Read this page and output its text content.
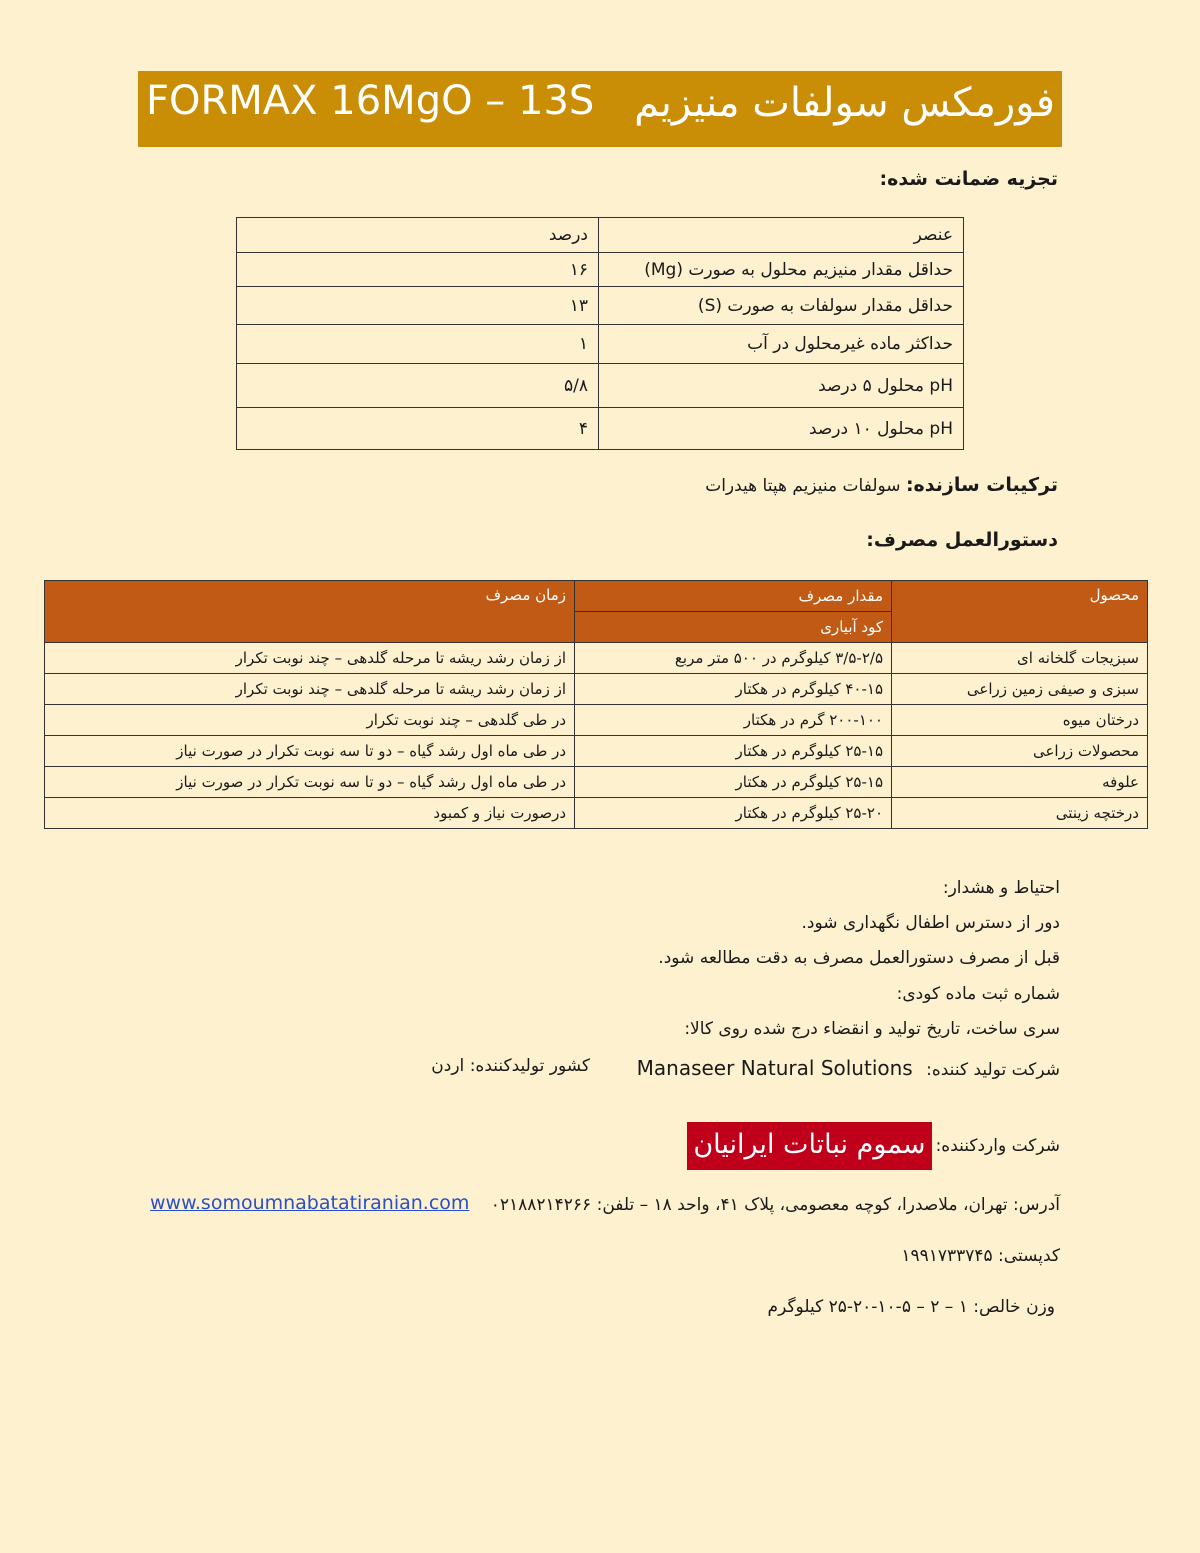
FORMAX 16MgO – 13S فورمکس سولفات منیزیم
تجزیه ضمانت شده:
عنصر	درصد
حداقل مقدار منیزیم محلول به صورت (Mg)	۱۶
حداقل مقدار سولفات به صورت (S)	۱۳
حداکثر ماده غیرمحلول در آب	۱
pH محلول ۵ درصد	۵/۸
pH محلول ۱۰ درصد	۴
ترکیبات سازنده: سولفات منیزیم هپتا هیدرات
دستورالعمل مصرف:
محصول	مقدار مصرف	زمان مصرف
	کود آبیاری	
سبزیجات گلخانه ای	۳/۵-۲/۵ کیلوگرم در ۵۰۰ متر مربع	از زمان رشد ریشه تا مرحله گلدهی – چند نوبت تکرار
سبزی و صیفی زمین زراعی	۴۰-۱۵ کیلوگرم در هکتار	از زمان رشد ریشه تا مرحله گلدهی – چند نوبت تکرار
درختان میوه	۲۰۰-۱۰۰ گرم در هکتار	در طی گلدهی – چند نوبت تکرار
محصولات زراعی	۲۵-۱۵ کیلوگرم در هکتار	در طی ماه اول رشد گیاه – دو تا سه نوبت تکرار در صورت نیاز
علوفه	۲۵-۱۵ کیلوگرم در هکتار	در طی ماه اول رشد گیاه – دو تا سه نوبت تکرار در صورت نیاز
درختچه زینتی	۲۵-۲۰ کیلوگرم در هکتار	درصورت نیاز و کمبود
احتیاط و هشدار:
دور از دسترس اطفال نگهداری شود.
قبل از مصرف دستورالعمل مصرف به دقت مطالعه شود.
شماره ثبت ماده کودی:
سری ساخت، تاریخ تولید و انقضاء درج شده روی کالا:
شرکت تولید کننده: Manaseer Natural Solutions
کشور تولیدکننده: اردن
شرکت واردکننده:
سموم نباتات ایرانیان
آدرس: تهران، ملاصدرا، کوچه معصومی، پلاک ۴۱، واحد ۱۸ – تلفن: ۰۲۱۸۸۲۱۴۲۶۶
www.somoumnabatatiranian.com
کدپستی: ۱۹۹۱۷۳۳۷۴۵
وزن خالص: ۱ – ۲ – ۵-۱۰-۲۰-۲۵ کیلوگرم
